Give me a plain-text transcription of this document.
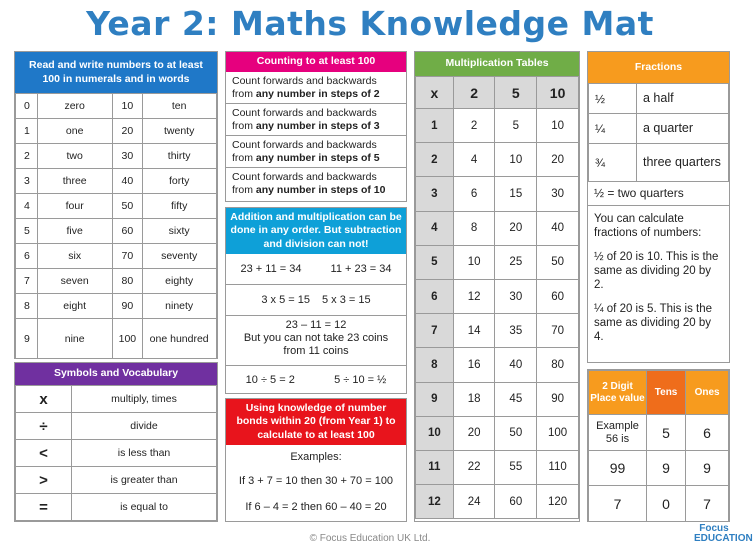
Year 2: Maths Knowledge Mat
Read and write numbers to at least 100 in numerals and in words
0	zero	10	ten
1	one	20	twenty
2	two	30	thirty
3	three	40	forty
4	four	50	fifty
5	five	60	sixty
6	six	70	seventy
7	seven	80	eighty
8	eight	90	ninety
9	nine	100	one hundred
Symbols and Vocabulary
x	multiply, times
÷	divide
<	is less than
>	is greater than
=	is equal to
Counting to at least 100
Count forwards and backwards from any number in steps of 2
Count forwards and backwards from any number in steps of 3
Count forwards and backwards from any number in steps of 5
Count forwards and backwards from any number in steps of 10
Addition and multiplication can be done in any order. But subtraction and division can not!
23 + 11 = 34	11 + 23 = 34
3 x 5 = 15 5 x 3 = 15
23 – 11 = 12
But you can not take 23 coins from 11 coins
10 ÷ 5 = 2	5 ÷ 10 = ½
Using knowledge of number bonds within 20 (from Year 1) to calculate to at least 100
Examples:
If 3 + 7 = 10 then 30 + 70 = 100
If 6 – 4 = 2 then 60 – 40 = 20
Multiplication Tables
x	2	5	10
1	2	5	10
2	4	10	20
3	6	15	30
4	8	20	40
5	10	25	50
6	12	30	60
7	14	35	70
8	16	40	80
9	18	45	90
10	20	50	100
11	22	55	110
12	24	60	120
Fractions
½	a half
¼	a quarter
¾	three quarters
½ = two quarters
You can calculate fractions of numbers:
½ of 20 is 10. This is the same as dividing 20 by 2.
¼ of 20 is 5. This is the same as dividing 20 by 4.
2 Digit Place value	Tens	Ones

Example
56 is	5	6
99	9	9
7	0	7
© Focus Education UK Ltd.
Focus EDUCATION
